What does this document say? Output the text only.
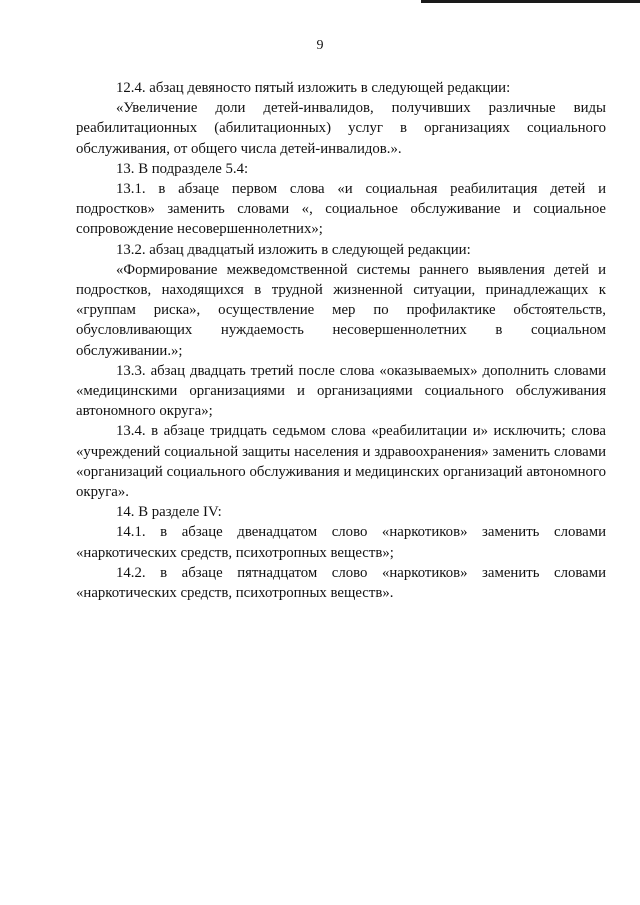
9

12.4. абзац девяносто пятый изложить в следующей редакции:

«Увеличение доли детей-инвалидов, получивших различные виды реабилитационных (абилитационных) услуг в организациях социального обслуживания, от общего числа детей-инвалидов.».

13. В подразделе 5.4:

13.1. в абзаце первом слова «и социальная реабилитация детей и подростков» заменить словами «, социальное обслуживание и социальное сопровождение несовершеннолетних»;

13.2. абзац двадцатый изложить в следующей редакции:

«Формирование межведомственной системы раннего выявления детей и подростков, находящихся в трудной жизненной ситуации, принадлежащих к «группам риска», осуществление мер по профилактике обстоятельств, обусловливающих нуждаемость несовершеннолетних в социальном обслуживании.»;

13.3. абзац двадцать третий после слова «оказываемых» дополнить словами «медицинскими организациями и организациями социального обслуживания автономного округа»;

13.4. в абзаце тридцать седьмом слова «реабилитации и» исключить; слова «учреждений социальной защиты населения и здравоохранения» заменить словами «организаций социального обслуживания и медицинских организаций автономного округа».

14. В разделе IV:

14.1. в абзаце двенадцатом слово «наркотиков» заменить словами «наркотических средств, психотропных веществ»;

14.2. в абзаце пятнадцатом слово «наркотиков» заменить словами «наркотических средств, психотропных веществ».
